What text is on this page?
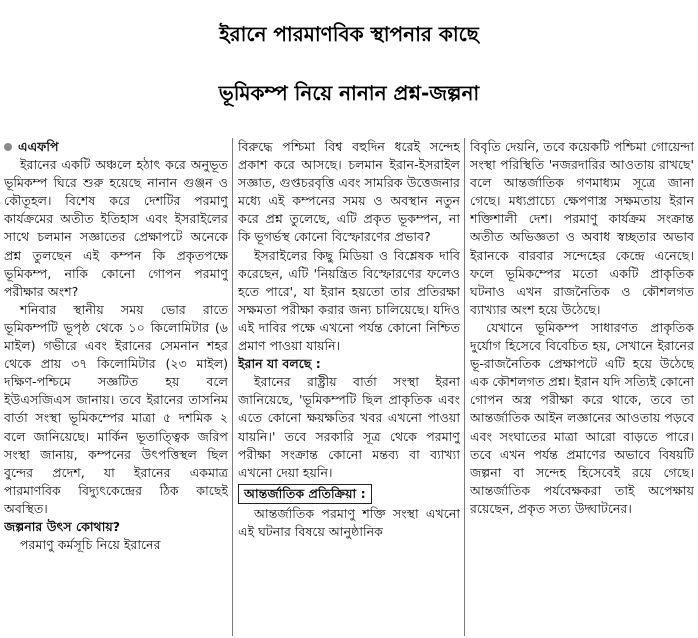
ইরানে পারমাণবিক স্থাপনার কাছে
ভূমিকম্প নিয়ে নানান প্রশ্ন-জল্পনা
এএফপি

ইরানের একটি অঞ্চলে হঠাৎ করে অনুভূত ভূমিকম্প ঘিরে শুরু হয়েছে নানান গুঞ্জন ও কৌতূহল। বিশেষ করে দেশটির পরমাণু কার্যক্রমের অতীত ইতিহাস এবং ইসরাইলের সাথে চলমান সজ্ঞাতের প্রেক্ষাপটে অনেকে প্রশ্ন তুলছেন এই কম্পন কি প্রকৃতপক্ষে ভূমিকম্প, নাকি কোনো গোপন পরমাণু পরীক্ষার অংশ?

শনিবার স্থানীয় সময় ভোর রাতে ভূমিকম্পটি ভূপৃষ্ঠ থেকে ১০ কিলোমিটার (৬ মাইল) গভীরে এবং ইরানের সেমনান শহর থেকে প্রায় ৩৭ কিলোমিটার (২৩ মাইল) দক্ষিণ-পশ্চিমে সজ্ঞটিত হয় বলে ইউএসজিএস জানায়। তবে ইরানের তাসনিম বার্তা সংস্থা ভূমিকম্পের মাত্রা ৫ দশমিক ২ বলে জানিয়েছে। মার্কিন ভূতাত্ত্বিক জরিপ সংস্থা জানায়, কম্পনের উৎপত্তিস্থল ছিল বুন্দের প্রদেশ, যা ইরানের একমাত্র পারমাণবিক বিদ্যুৎকেন্দ্রের ঠিক কাছেই অবস্থিত।

জল্পনার উৎস কোথায়?

পরমাণু কর্মসূচি নিয়ে ইরানের

বিরুদ্ধে পশ্চিমা বিশ্ব বহুদিন ধরেই সন্দেহ প্রকাশ করে আসছে। চলমান ইরান-ইসরাইল সজ্ঞাত, গুপ্তচরবৃত্তি এবং সামরিক উত্তেজনার মধ্যে এই কম্পনের সময় ও অবস্থান নতুন করে প্রশ্ন তুলেছে, এটি প্রকৃত ভূকম্পন, না কি ভূগর্ভস্থ কোনো বিস্ফোরণের প্রভাব?

ইসরাইলের কিছু মিডিয়া ও বিশ্লেষক দাবি করেছেন, এটি 'নিয়ন্ত্রিত বিস্ফোরণের ফলেও হতে পারে', যা ইরান হয়তো তার প্রতিরক্ষা সক্ষমতা পরীক্ষা করার জন্য চালিয়েছে। যদিও এই দাবির পক্ষে এখনো পর্যন্ত কোনো নিশ্চিত প্রমাণ পাওয়া যায়নি।

ইরান যা বলছে :

ইরানের রাষ্ট্রীয় বার্তা সংস্থা ইরনা জানিয়েছে, 'ভূমিকম্পটি ছিল প্রাকৃতিক এবং এতে কোনো ক্ষয়ক্ষতির খবর এখনো পাওয়া যায়নি।' তবে সরকারি সূত্র থেকে পরমাণু পরীক্ষা সংক্রান্ত কোনো মন্তব্য বা ব্যাখ্যা এখনো দেয়া হয়নি।

আন্তর্জাতিক প্রতিক্রিয়া :

আন্তর্জাতিক পরমাণু শক্তি সংস্থা এখনো এই ঘটনার বিষয়ে আনুষ্ঠানিক

বিবৃতি দেয়নি, তবে কয়েকটি পশ্চিমা গোয়েন্দা সংস্থা পরিস্থিতি 'নজরদারির আওতায় রাখছে' বলে আন্তর্জাতিক গণমাধ্যম সূত্রে জানা গেছে। মধ্যপ্রাচ্যে ক্ষেপণাস্ত্র সক্ষমতায় ইরান শক্তিশালী দেশ। পরমাণু কার্যক্রম সংক্রান্ত অতীত অভিজ্ঞতা ও অবাধ স্বচ্ছতার অভাব ইরানকে বারবার সন্দেহের কেন্দ্রে এনেছে। ফলে ভূমিকম্পের মতো একটি প্রাকৃতিক ঘটনাও এখন রাজনৈতিক ও কৌশলগত ব্যাখ্যার অংশ হয়ে উঠেছে।

যেখানে ভূমিকম্প সাধারণত প্রাকৃতিক দুর্যোগ হিসেবে বিবেচিত হয়, সেখানে ইরানের ভূ-রাজনৈতিক প্রেক্ষাপটে এটি হয়ে উঠেছে এক কৌশলগত প্রশ্ন। ইরান যদি সত্যিই কোনো গোপন অস্ত্র পরীক্ষা করে থাকে, তবে তা আন্তর্জাতিক আইন লজ্ঞানের আওতায় পড়বে এবং সংঘাতের মাত্রা আরো বাড়তে পারে। তবে এখন পর্যন্ত প্রমাণের অভাবে বিষয়টি জল্পনা বা সন্দেহ হিসেবেই রয়ে গেছে। আন্তর্জাতিক পর্যবেক্ষকরা তাই অপেক্ষায় রয়েছেন, প্রকৃত সত্য উদ্ঘাটনের।
